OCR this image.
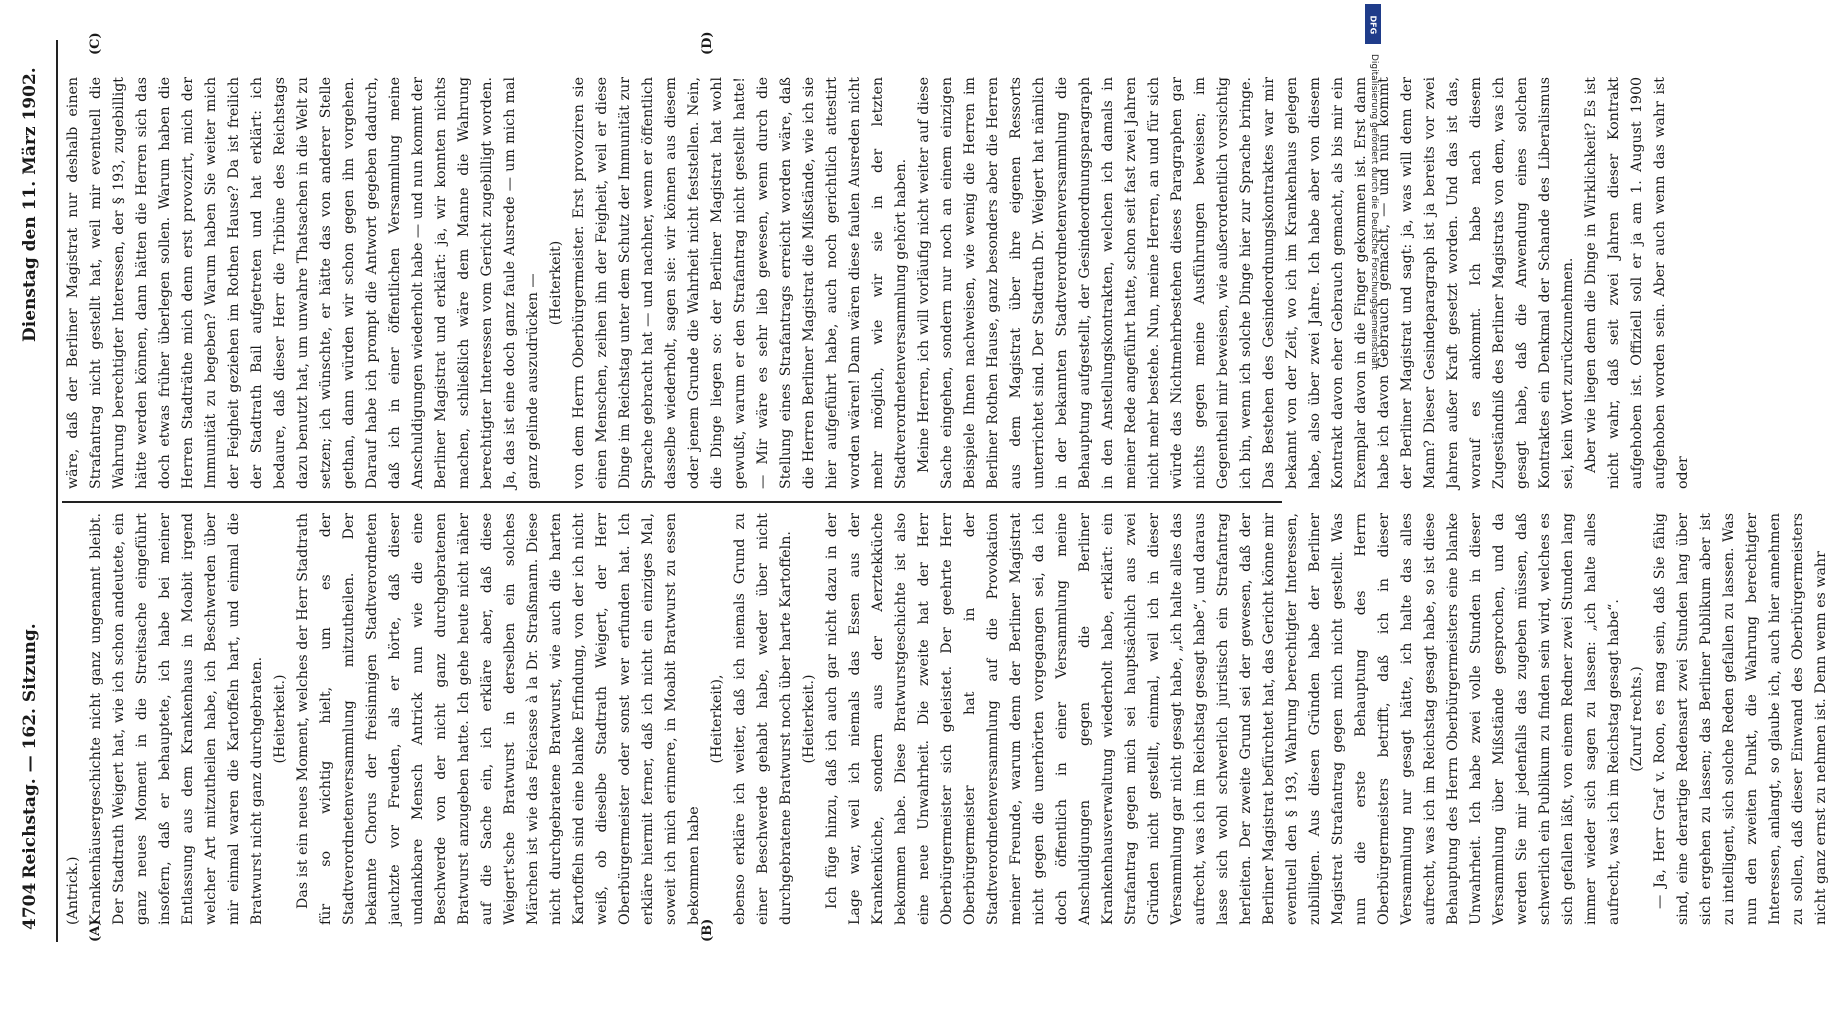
4704
Reichstag. — 162. Sitzung.
Dienstag den 11. März 1902.
(A)	(B)
(C)	(D)

(Antrick.) Krankenhäusergeschichte nicht ganz ungenannt bleibt. Der Stadtrath Weigert hat, wie ich schon andeutete, ein ganz neues Moment in die Streitsache eingeführt insofern, daß er behauptete, ich habe bei meiner Entlassung aus dem Krankenhaus in Moabit irgend welcher Art mitzutheilen habe, ich Beschwerden über mir einmal waren die Kartoffeln hart, und einmal die Bratwurst nicht ganz durchgebraten. (Heiterkeit.) Das ist ein neues Moment, welches der Herr Stadtrath für so wichtig hielt, um es der Stadtverordnetenversammlung mitzutheilen. Der bekannte Chorus der freisinnigen Stadtverordneten jauchzte vor Freuden, als er hörte, daß dieser undankbare Mensch Antrick nun wie die eine Beschwerde von der nicht ganz durchgebratenen Bratwurst anzugeben hatte. Ich gehe heute nicht näher auf die Sache ein, ich erkläre aber, daß diese Weigert'sche Bratwurst in derselben ein solches Märchen ist wie das Feicasse à la Dr. Straßmann. Diese nicht durchgebratene Bratwurst, wie auch die harten Kartoffeln sind eine blanke Erfindung, von der ich nicht weiß, ob dieselbe Stadtrath Weigert, der Herr Oberbürgermeister oder sonst wer erfunden hat. Ich erkläre hiermit ferner, daß ich nicht ein einziges Mal, soweit ich mich erinnere, in Moabit Bratwurst zu essen bekommen habe

(Heiterkeit), ebenso erkläre ich weiter, daß ich niemals Grund zu einer Beschwerde gehabt habe, weder über nicht durchgebratene Bratwurst noch über harte Kartoffeln. (Heiterkeit.) Ich füge hinzu, daß ich auch gar nicht dazu in der Lage war, weil ich niemals das Essen aus der Krankenküche, sondern aus der Aerztekküche bekommen habe. Diese Bratwurstgeschichte ist also eine neue Unwahrheit. Die zweite hat der Herr Oberbürgermeister sich geleistet. Der geehrte Herr Oberbürgermeister hat in der Stadtverordnetenversammlung auf die Provokation meiner Freunde, warum denn der Berliner Magistrat nicht gegen die unerhörten vorgegangen sei, da ich doch öffentlich in einer Versammlung meine Anschuldigungen gegen die Berliner Krankenhausverwaltung wiederholt habe, erklärt: ein Strafantrag gegen mich sei hauptsächlich aus zwei Gründen nicht gestellt, einmal, weil ich in dieser Versammlung gar nicht gesagt habe, „ich halte alles das aufrecht, was ich im Reichstag gesagt habe“, und daraus lasse sich wohl schwerlich juristisch ein Strafantrag herleiten. Der zweite Grund sei der gewesen, daß der Berliner Magistrat befürchtet hat, das Gericht könne mir eventuell den § 193, Wahrung berechtigter Interessen, zubilligen. Aus diesen Gründen habe der Berliner Magistrat Strafantrag gegen mich nicht gestellt. Was nun die erste Behauptung des Herrn Oberbürgermeisters betrifft, daß ich in dieser Versammlung nur gesagt hätte, ich halte das alles aufrecht, was ich im Reichstag gesagt habe, so ist diese Behauptung des Herrn Oberbürgermeisters eine blanke Unwahrheit. Ich habe zwei volle Stunden in dieser Versammlung über Mißstände gesprochen, und da werden Sie mir jedenfalls das zugeben müssen, daß schwerlich ein Publikum zu finden sein wird, welches es sich gefallen läßt, von einem Redner zwei Stunden lang immer wieder sich sagen zu lassen: „ich halte alles aufrecht, was ich im Reichstag gesagt habe“. (Zuruf rechts.) — Ja, Herr Graf v. Roon, es mag sein, daß Sie fähig sind, eine derartige Redensart zwei Stunden lang über sich ergehen zu lassen; das Berliner Publikum aber ist zu intelligent, sich solche Reden gefallen zu lassen. Was nun den zweiten Punkt, die Wahrung berechtigter Interessen, anlangt, so glaube ich, auch hier annehmen zu sollen, daß dieser Einwand des Oberbürgermeisters nicht ganz ernst zu nehmen ist. Denn wenn es wahr

wäre, daß der Berliner Magistrat nur deshalb einen Strafantrag nicht gestellt hat, weil mir eventuell die Wahrung berechtigter Interessen, der § 193, zugebilligt hätte werden können, dann hätten die Herren sich das doch etwas früher überlegen sollen. Warum haben die Herren Stadträthe mich denn erst provozirt, mich der Immunität zu begeben? Warum haben Sie weiter mich der Feigheit geziehen im Rothen Hause? Da ist freilich der Stadtrath Bail aufgetreten und hat erklärt: ich bedaure, daß dieser Herr die Tribüne des Reichstags dazu benutzt hat, um unwahre Thatsachen in die Welt zu setzen; ich wünschte, er hätte das von anderer Stelle gethan, dann würden wir schon gegen ihn vorgehen. Darauf habe ich prompt die Antwort gegeben dadurch, daß ich in einer öffentlichen Versammlung meine Anschuldigungen wiederholt habe — und nun kommt der Berliner Magistrat und erklärt: ja, wir konnten nichts machen, schließlich wäre dem Manne die Wahrung berechtigter Interessen vom Gericht zugebilligt worden. Ja, das ist eine doch ganz faule Ausrede — um mich mal ganz gelinde auszudrücken — (Heiterkeit) von dem Herrn Oberbürgermeister. Erst provoziren sie einen Menschen, zeihen ihn der Feigheit, weil er diese Dinge im Reichstag unter dem Schutz der Immunität zur Sprache gebracht hat — und nachher, wenn er öffentlich dasselbe wiederholt, sagen sie: wir können aus diesem oder jenem Grunde die Wahrheit nicht feststellen. Nein, die Dinge liegen so: der Berliner Magistrat hat wohl gewußt, warum er den Strafantrag nicht gestellt hatte! — Mir wäre es sehr lieb gewesen, wenn durch die Stellung eines Strafantrags erreicht worden wäre, daß die Herren Berliner Magistrat die Mißstände, wie ich sie hier aufgeführt habe, auch noch gerichtlich attestirt worden wären! Dann wären diese faulen Ausreden nicht mehr möglich, wie wir sie in der letzten Stadtverordnetenversammlung gehört haben. Meine Herren, ich will vorläufig nicht weiter auf diese Sache eingehen, sondern nur noch an einem einzigen Beispiele Ihnen nachweisen, wie wenig die Herren im Berliner Rothen Hause, ganz besonders aber die Herren aus dem Magistrat über ihre eigenen Ressorts unterrichtet sind. Der Stadtrath Dr. Weigert hat nämlich in der bekannten Stadtverordnetenversammlung die Behauptung aufgestellt, der Gesindeordnungsparagraph in den Anstellungskontrakten, welchen ich damals in meiner Rede angeführt hatte, schon seit fast zwei Jahren nicht mehr bestehe. Nun, meine Herren, an und für sich würde das Nichtmehrbestehen dieses Paragraphen gar nichts gegen meine Ausführungen beweisen; im Gegentheil mir beweisen, wie außerordentlich vorsichtig ich bin, wenn ich solche Dinge hier zur Sprache bringe. Das Bestehen des Gesindeordnungskontraktes war mir bekannt von der Zeit, wo ich im Krankenhaus gelegen habe, also über zwei Jahre. Ich habe aber von diesem Kontrakt davon eher Gebrauch gemacht, als bis mir ein Exemplar davon in die Finger gekommen ist. Erst dann habe ich davon Gebrauch gemacht, — und nun kommt der Berliner Magistrat und sagt: ja, was will denn der Mann? Dieser Gesindeparagraph ist ja bereits vor zwei Jahren außer Kraft gesetzt worden. Und das ist das, worauf es ankommt. Ich habe nach diesem Zugeständniß des Berliner Magistrats von dem, was ich gesagt habe, daß die Anwendung eines solchen Kontraktes ein Denkmal der Schande des Liberalismus sei, kein Wort zurückzunehmen. Aber wie liegen denn die Dinge in Wirklichkeit? Es ist nicht wahr, daß seit zwei Jahren dieser Kontrakt aufgehoben ist. Offiziell soll er ja am 1. August 1900 aufgehoben worden sein. Aber auch wenn das wahr ist oder

Digitalisierung gefördert durch die Deutsche Forschungsgemeinschaft
DFG
